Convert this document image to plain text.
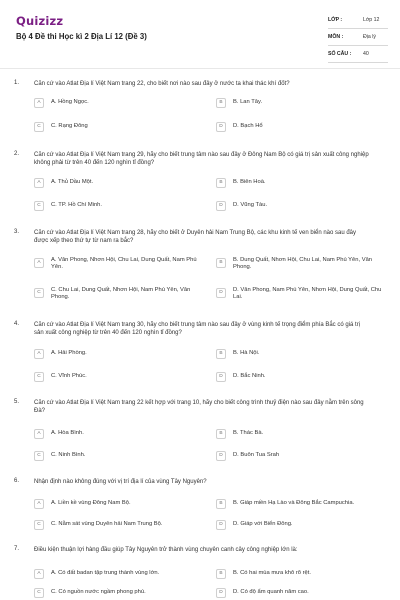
Quizizz
Bộ 4 Đề thi Học kì 2 Địa Lí 12 (Đề 3)
LỚP :	Lớp 12
MÔN :	Địa lý
SỐ CÂU :	40
1. Căn cứ vào Atlat Địa lí Việt Nam trang 22, cho biết nơi nào sau đây ở nước ta khai thác khí đốt?
A	A. Hồng Ngọc.	B	B. Lan Tây.
C	C. Rạng Đông	D	D. Bạch Hổ
2. Căn cứ vào Atlat Địa lí Việt Nam trang 29, hãy cho biết trung tâm nào sau đây ở Đông Nam Bộ có giá trị sản xuất công nghiệp không phải từ trên 40 đến 120 nghìn tỉ đồng?
A	A. Thủ Dầu Một.	B	B. Biên Hoà.
C	C. TP. Hồ Chí Minh.	D	D. Vũng Tàu.
3. Căn cứ vào Atlat Địa lí Việt Nam trang 28, hãy cho biết ở Duyên hải Nam Trung Bộ, các khu kinh tế ven biển nào sau đây được xếp theo thứ tự từ nam ra bắc?
A	A. Vân Phong, Nhơn Hội, Chu Lai, Dung Quất, Nam Phú Yên.
B	B. Dung Quất, Nhơn Hội, Chu Lai, Nam Phú Yên, Vân Phong.
C	C. Chu Lai, Dung Quất, Nhơn Hội, Nam Phú Yên, Vân Phong.
D	D. Vân Phong, Nam Phú Yên, Nhơn Hội, Dung Quất, Chu Lai.
4. Căn cứ vào Atlat Địa lí Việt Nam trang 30, hãy cho biết trung tâm nào sau đây ở vùng kinh tế trọng điểm phía Bắc có giá trị sản xuất công nghiệp từ trên 40 đến 120 nghìn tỉ đồng?
A	A. Hải Phòng.	B	B. Hà Nội.
C	C. Vĩnh Phúc.	D	D. Bắc Ninh.
5. Căn cứ vào Atlat Địa lí Việt Nam trang 22 kết hợp với trang 10, hãy cho biết công trình thuỷ điện nào sau đây nằm trên sông Đà?
A	A. Hòa Bình.	B	B. Thác Bà.
C	C. Ninh Bình.	D	D. Buôn Tua Srah
6. Nhận định nào không đúng với vị trí địa lí của vùng Tây Nguyên?
A	A. Liền kề vùng Đông Nam Bộ.	B	B. Giáp miền Hạ Lào và Đông Bắc Campuchia.
C	C. Nằm sát vùng Duyên hải Nam Trung Bộ.	D	D. Giáp với Biển Đông.
7. Điều kiện thuận lợi hàng đầu giúp Tây Nguyên trở thành vùng chuyên canh cây công nghiệp lớn là:
A	A. Có đất badan tập trung thành vùng lớn.	B	B. Có hai mùa mưa khô rõ rệt.
C	C. Có nguồn nước ngầm phong phú.	D	D. Có độ ẩm quanh năm cao.
